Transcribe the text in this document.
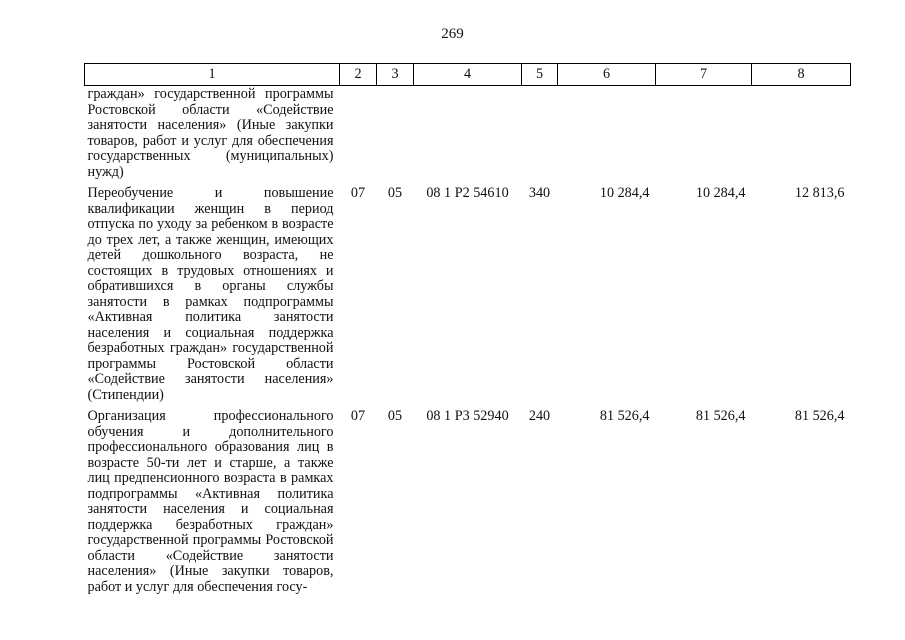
269
1	2	3	4	5	6	7	8
граждан» государственной программы Ростовской области «Содействие занятости населения» (Иные закупки товаров, работ и услуг для обеспечения государственных (муниципальных) нужд)							
Переобучение и повышение квалификации женщин в период отпуска по уходу за ребенком в возрасте до трех лет, а также женщин, имеющих детей дошкольного возраста, не состоящих в трудовых отношениях и обратившихся в органы службы занятости в рамках подпрограммы «Активная политика занятости населения и социальная поддержка безработных граждан» государственной программы Ростовской области «Содействие занятости населения» (Стипендии)	07	05	08 1 P2 54610	340	10 284,4	10 284,4	12 813,6
Организация профессионального обучения и дополнительного профессионального образования лиц в возрасте 50-ти лет и старше, а также лиц предпенсионного возраста в рамках подпрограммы «Активная политика занятости населения и социальная поддержка безработных граждан» государственной программы Ростовской области «Содействие занятости населения» (Иные закупки товаров, работ и услуг для обеспечения госу-	07	05	08 1 P3 52940	240	81 526,4	81 526,4	81 526,4
